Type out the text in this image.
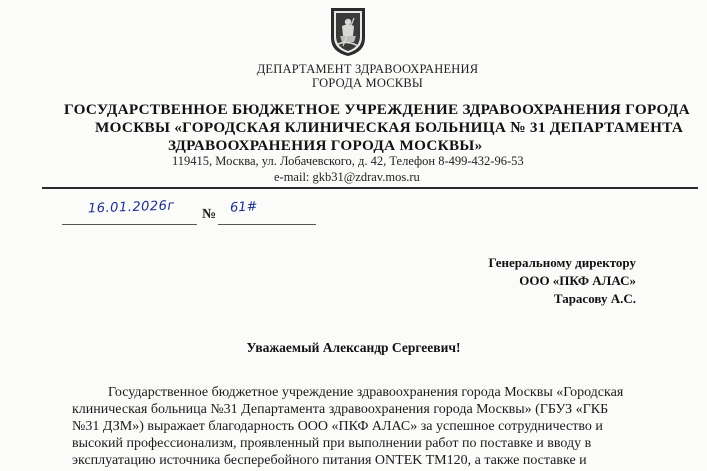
ДЕПАРТАМЕНТ ЗДРАВООХРАНЕНИЯ
ГОРОДА МОСКВЫ
ГОСУДАРСТВЕННОЕ БЮДЖЕТНОЕ УЧРЕЖДЕНИЕ ЗДРАВООХРАНЕНИЯ ГОРОДА
МОСКВЫ «ГОРОДСКАЯ КЛИНИЧЕСКАЯ БОЛЬНИЦА № 31 ДЕПАРТАМЕНТА
ЗДРАВООХРАНЕНИЯ ГОРОДА МОСКВЫ»
119415, Москва, ул. Лобачевского, д. 42, Телефон 8-499-432-96-53
e-mail: gkb31@zdrav.mos.ru
16.01.2026г № 61#
Генеральному директору
ООО «ПКФ АЛАС»
Тарасову А.С.
Уважаемый Александр Сергеевич!
Государственное бюджетное учреждение здравоохранения города Москвы «Городская
клиническая больница №31 Департамента здравоохранения города Москвы» (ГБУЗ «ГКБ
№31 ДЗМ») выражает благодарность ООО «ПКФ АЛАС» за успешное сотрудничество и
высокий профессионализм, проявленный при выполнении работ по поставке и вводу в
эксплуатацию источника бесперебойного питания ONTEK TM120, а также поставке и
